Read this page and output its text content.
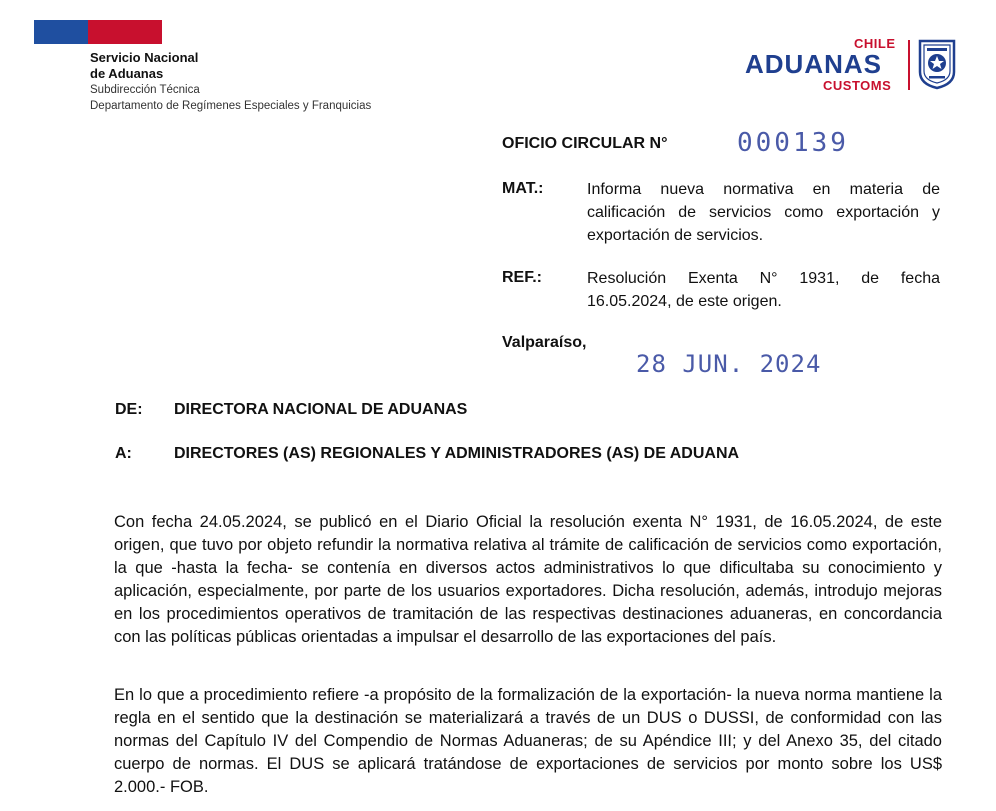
Servicio Nacional
de Aduanas
Subdirección Técnica
Departamento de Regímenes Especiales y Franquicias
CHILE
ADUANAS
CUSTOMS
OFICIO CIRCULAR N°	000139
MAT.:	Informa nueva normativa en materia de calificación de servicios como exportación y exportación de servicios.
REF.:	Resolución Exenta N° 1931, de fecha 16.05.2024, de este origen.
Valparaíso,
28 JUN. 2024
DE: DIRECTORA NACIONAL DE ADUANAS
A:	DIRECTORES (AS) REGIONALES Y ADMINISTRADORES (AS) DE ADUANA

Con fecha 24.05.2024, se publicó en el Diario Oficial la resolución exenta N° 1931, de 16.05.2024, de este origen, que tuvo por objeto refundir la normativa relativa al trámite de calificación de servicios como exportación, la que -hasta la fecha- se contenía en diversos actos administrativos lo que dificultaba su conocimiento y aplicación, especialmente, por parte de los usuarios exportadores. Dicha resolución, además, introdujo mejoras en los procedimientos operativos de tramitación de las respectivas destinaciones aduaneras, en concordancia con las políticas públicas orientadas a impulsar el desarrollo de las exportaciones del país.

En lo que a procedimiento refiere -a propósito de la formalización de la exportación- la nueva norma mantiene la regla en el sentido que la destinación se materializará a través de un DUS o DUSSI, de conformidad con las normas del Capítulo IV del Compendio de Normas Aduaneras; de su Apéndice III; y del Anexo 35, del citado cuerpo de normas. El DUS se aplicará tratándose de exportaciones de servicios por monto sobre los US$ 2.000.- FOB.
